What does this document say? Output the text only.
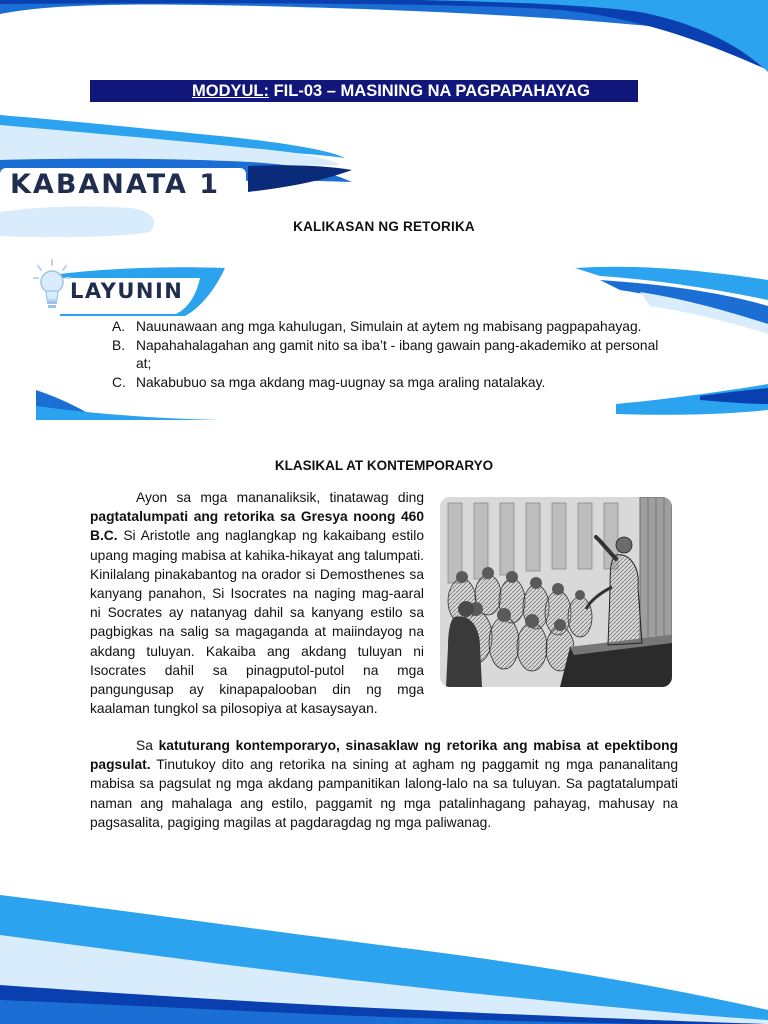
MODYUL: FIL-03 – MASINING NA PAGPAPAHAYAG
KABANATA 1
KALIKASAN NG RETORIKA
LAYUNIN
A. Nauunawaan ang mga kahulugan, Simulain at aytem ng mabisang pagpapahayag.
B. Napahahalagahan ang gamit nito sa iba’t - ibang gawain pang-akademiko at personal at;
C. Nakabubuo sa mga akdang mag-uugnay sa mga araling natalakay.
KLASIKAL AT KONTEMPORARYO
Ayon sa mga mananaliksik, tinatawag ding pagtatalumpati ang retorika sa Gresya noong 460 B.C. Si Aristotle ang naglangkap ng kakaibang estilo upang maging mabisa at kahika-hikayat ang talumpati. Kinilalang pinakabantog na orador si Demosthenes sa kanyang panahon, Si Isocrates na naging mag-aaral ni Socrates ay natanyag dahil sa kanyang estilo sa pagbigkas na salig sa magaganda at maiindayog na akdang tuluyan. Kakaiba ang akdang tuluyan ni Isocrates dahil sa pinagputol-putol na mga pangungusap ay kinapapalooban din ng mga kaalaman tungkol sa pilosopiya at kasaysayan.
Sa katuturang kontemporaryo, sinasaklaw ng retorika ang mabisa at epektibong pagsulat. Tinutukoy dito ang retorika na sining at agham ng paggamit ng mga pananalitang mabisa sa pagsulat ng mga akdang pampanitikan lalong-lalo na sa tuluyan. Sa pagtatalumpati naman ang mahalaga ang estilo, paggamit ng mga patalinhagang pahayag, mahusay na pagsasalita, pagiging magilas at pagdaragdag ng mga paliwanag.
